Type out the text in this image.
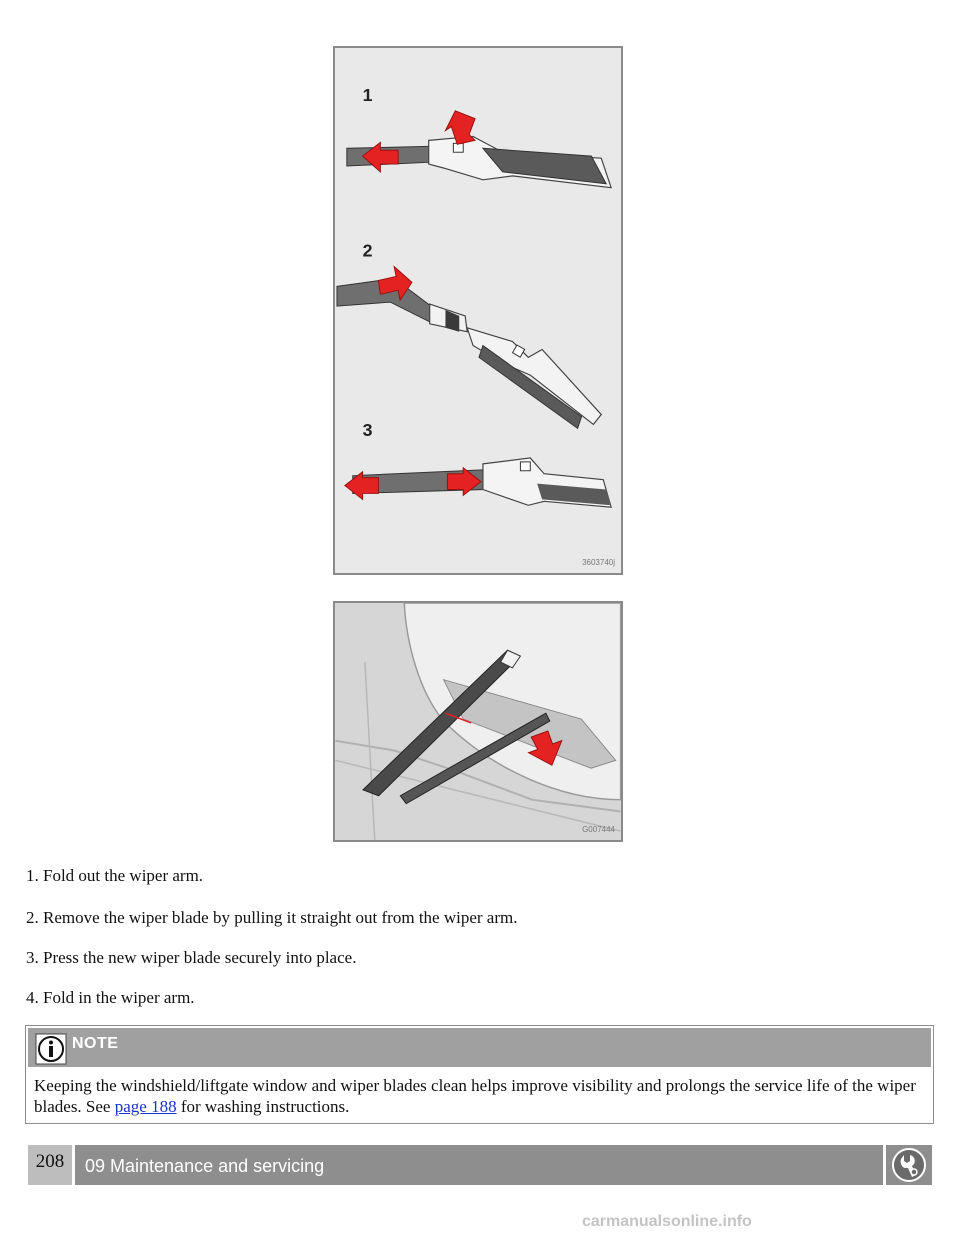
1
2
3
3603740j
G007444

1. Fold out the wiper arm.

2. Remove the wiper blade by pulling it straight out from the wiper arm.

3. Press the new wiper blade securely into place.

4. Fold in the wiper arm.

NOTE

Keeping the windshield/liftgate window and wiper blades clean helps improve visibility and prolongs the service life of the wiper blades. See page 188 for washing instructions.

208	09 Maintenance and servicing
carmanualsonline.info
